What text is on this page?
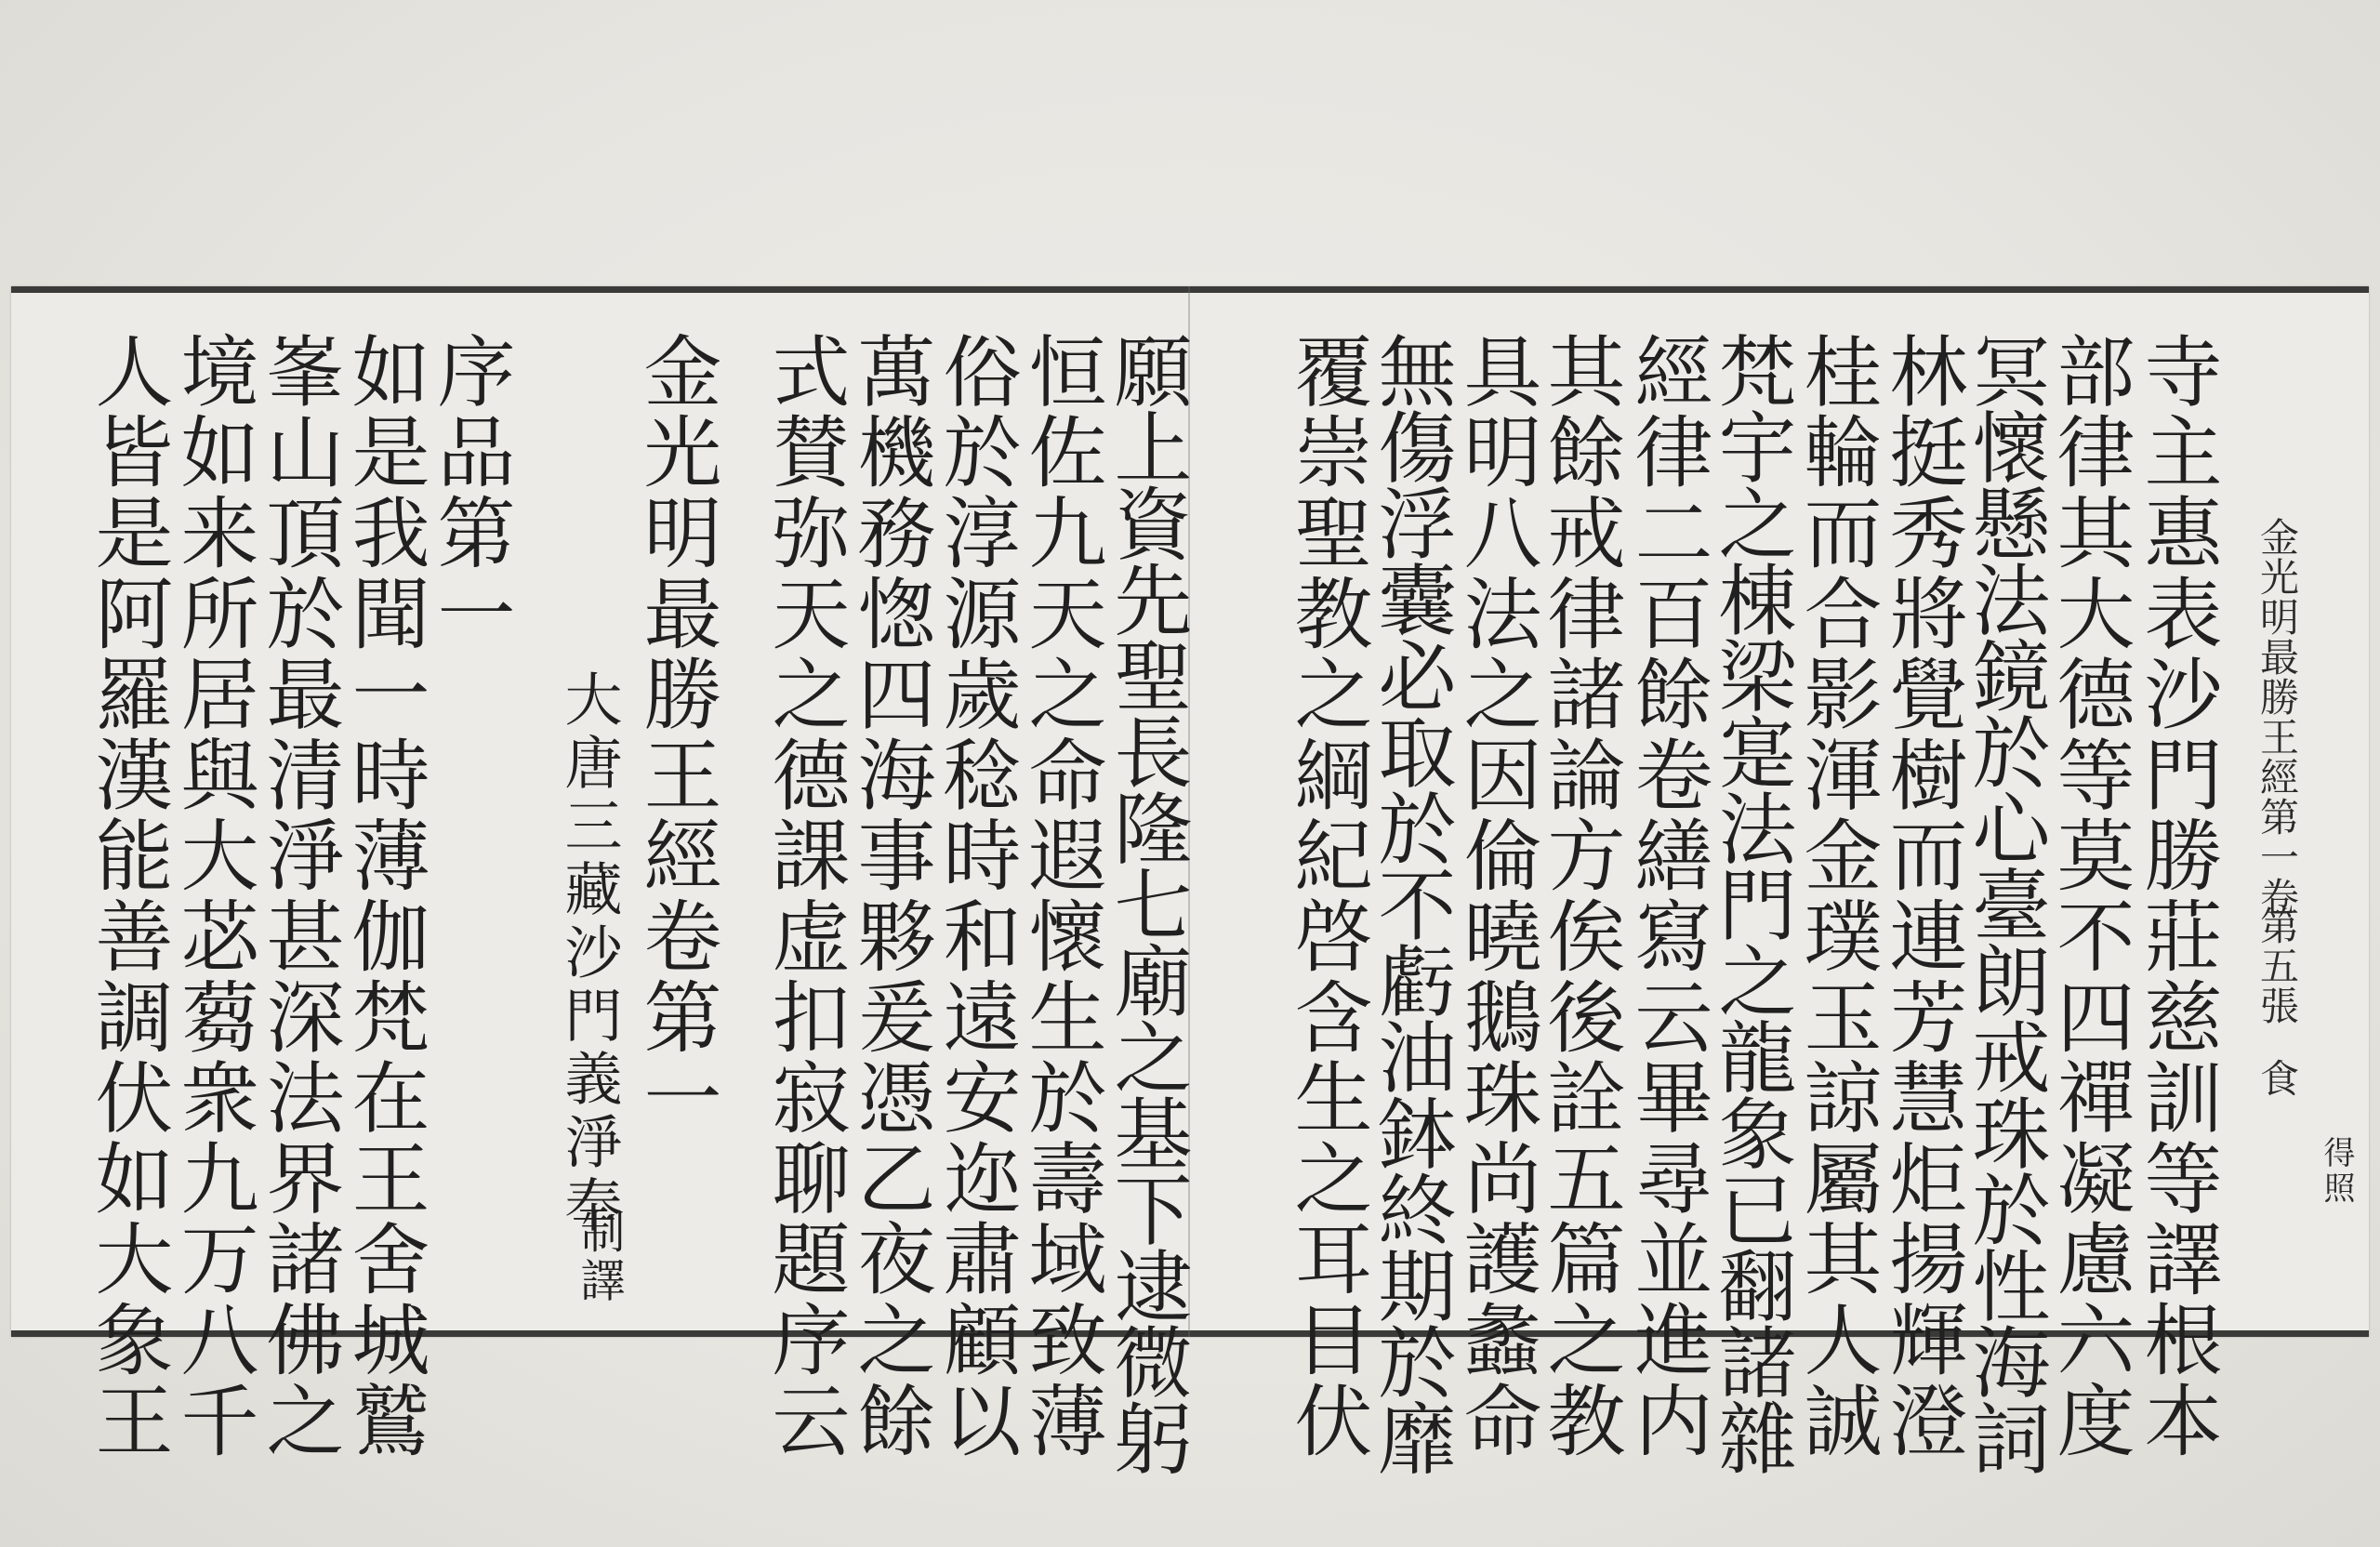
金光明最勝王經第一卷
第五張
食
得
照
寺主惠表沙門勝莊慈訓等譯根本
部律其大德等莫不四禪凝慮六度
冥懷懸法鏡於心臺朗戒珠於性海詞
林挺秀將覺樹而連芳慧炬揚輝澄
桂輪而合影渾金璞玉諒屬其人誠
梵宇之棟梁寔法門之龍象已翻諸雜
經律二百餘卷繕寫云畢尋並進内
其餘戒律諸論方俟後詮五篇之教
具明八法之因倫曉鵝珠尚護蠡命
無傷浮囊必取於不虧油鉢終期於靡
覆崇聖教之綱紀啓含生之耳目伏
願上資先聖長隆七廟之基下逮微躬
恒佐九天之命遐懷生於壽域致薄
俗於淳源歲稔時和遠安迩肅顧以
萬機務愡四海事夥爰憑乙夜之餘
式賛弥天之德課虚扣寂聊題序云
金光明最勝王經卷第一
大唐三藏沙門義淨奉
制譯
序品第一
如是我聞一時薄伽梵在王舍城鷲
峯山頂於最清淨甚深法界諸佛之
境如来所居與大苾蒭衆九万八千
人皆是阿羅漢能善調伏如大象王
